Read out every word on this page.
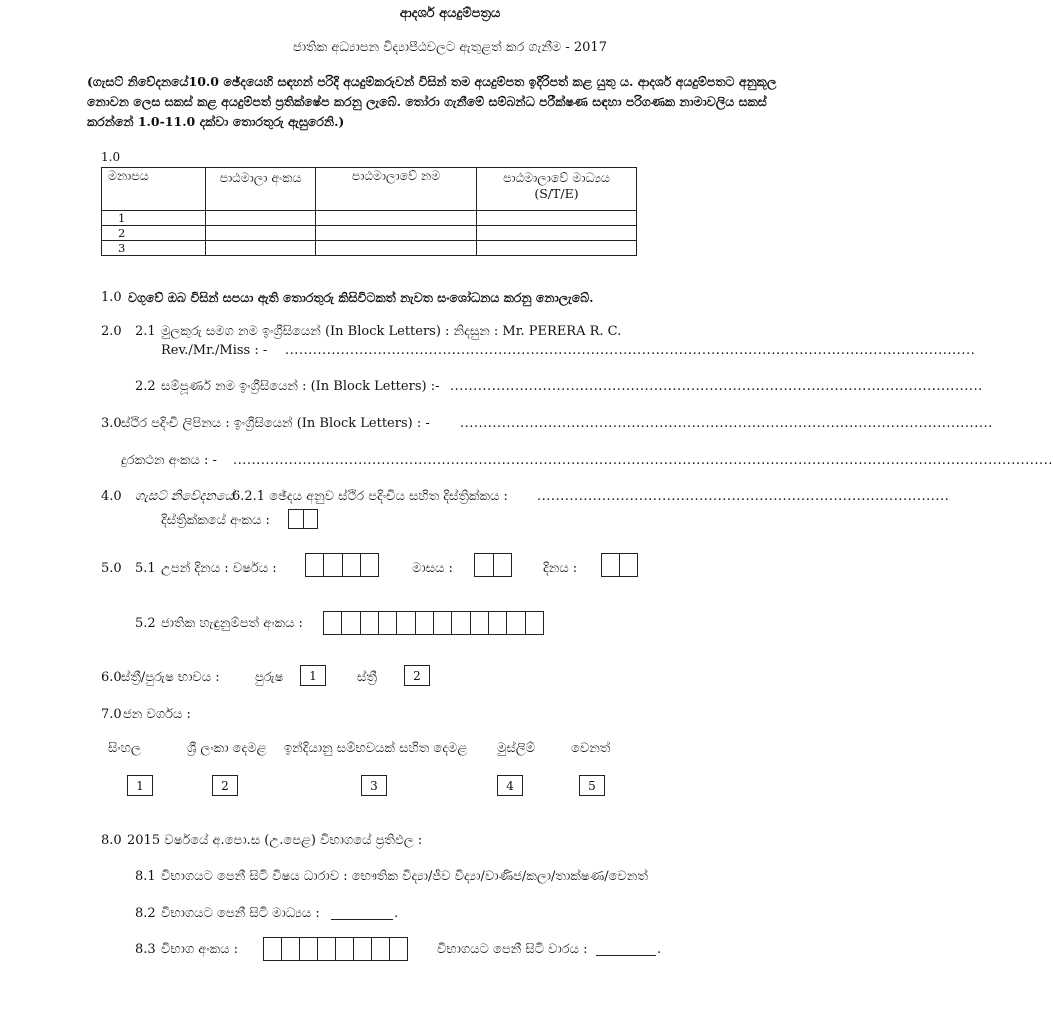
ආදර්ශ අයදුම්පත්‍රය
ජාතික අධ්‍යාපන විද්‍යාපීඨවලට ඇතුළත් කර ගැනීම - 2017
(ගැසට් නිවේදනයේ10.0 ඡේදයෙහි සඳහන් පරිදි අයදුම්කරුවන් විසින් තම අයදුම්පත ඉදිරිපත් කළ යුතු ය. ආදර්ශ අයදුම්පතට අනුකූල නොවන ලෙස සකස් කළ අයදුම්පත් ප්‍රතික්ෂේප කරනු ලැබේ. තෝරා ගැනීමේ සම්බන්ධ පරීක්ෂණ සඳහා පරිගණක නාමාවලිය සකස් කරන්නේ 1.0-11.0 දක්වා තොරතුරු ඇසුරෙනි.)
1.0
මනාපය	පාඨමාලා අංකය	පාඨමාලාවේ නම	පාඨමාලාවේ මාධ්‍යය (S/T/E)
1			
2			
3			
1.0 වගුවේ ඔබ විසින් සපයා ඇති තොරතුරු කිසිවිටකත් නැවත සංශෝධනය කරනු නොලැබේ.
2.0 2.1 මුලකුරු සමග නම ඉංග්‍රීසියෙන් (In Block Letters) : නිදසුන : Mr. PERERA R. C.
Rev./Mr./Miss : - .....................................................................................................................................................
2.2 සම්පූර්ණ නම ඉංග්‍රීසියෙන් : (In Block Letters) :- ...................................................................................................................
3.0 ස්ථිර පදිංචි ලිපිනය : ඉංග්‍රීසියෙන් (In Block Letters) : - ...................................................................................................................
දුරකථන අංකය : - .................................................................................................................................................................................
4.0 ගැසට් නිවේදනයේ
6.2.1 ඡේදය අනුව ස්ථිර පදිංචිය සහිත දිස්ත්‍රික්කය : .........................................................................................
දිස්ත්‍රික්කයේ අංකය :
5.0 5.1 උපන් දිනය : වර්ෂය :	මාසය :	දිනය :
5.2 ජාතික හැඳුනුම්පත් අංකය :
6.0 ස්ත්‍රී/පුරුෂ භාවය :	පුරුෂ	1	ස්ත්‍රී	2
7.0 ජන වර්ගය :
සිංහල	ශ්‍රී ලංකා දෙමළ ඉන්දියානු සම්භවයක් සහිත දෙමළ මුස්ලිම්	වෙනත්
1	2	3	4	5
8.0 2015 වර්ෂයේ අ.පො.ස (උ.පෙළ) විභාගයේ ප්‍රතිඵල :
8.1 විභාගයට පෙනී සිටි විෂය ධාරාව : භෞතික විද්‍යා/ජීව විද්‍යා/වාණිජ/කලා/තාක්ෂණ/වෙනත්
8.2 විභාගයට පෙනී සිටි මාධ්‍යය :	.
8.3 විභාග අංකය :	විභාගයට පෙනී සිටි වාරය :	.
